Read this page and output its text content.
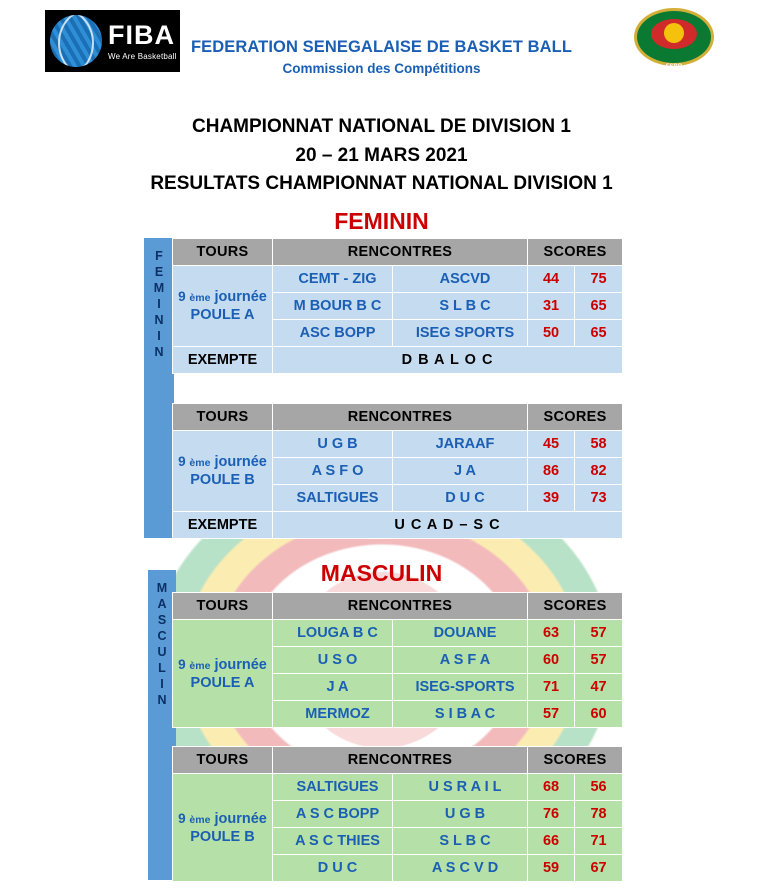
FIBA
We Are Basketball
FSBB
FEDERATION SENEGALAISE DE BASKET BALL
Commission des Compétitions
CHAMPIONNAT NATIONAL DE DIVISION 1
20 – 21 MARS 2021
RESULTATS CHAMPIONNAT NATIONAL DIVISION 1
FEMININ
F
E
M
I
N
I
N
TOURS	RENCONTRES		SCORES	
9 ème journée POULE A	CEMT - ZIG	ASCVD	44	75
	M BOUR B C	S L B C	31	65
	ASC BOPP	ISEG SPORTS	50	65
EXEMPTE	D B A L O C			
TOURS	RENCONTRES		SCORES	
9 ème journée POULE B	U G B	JARAAF	45	58
	A S F O	J A	86	82
	SALTIGUES	D U C	39	73
EXEMPTE	U C A D – S C			
MASCULIN
M
A
S
C
U
L
I
N
TOURS	RENCONTRES		SCORES	
9 ème journée POULE A	LOUGA B C	DOUANE	63	57
	U S O	A S F A	60	57
	J A	ISEG-SPORTS	71	47
	MERMOZ	S I B A C	57	60
TOURS	RENCONTRES		SCORES	
9 ème journée POULE B	SALTIGUES	U S R A I L	68	56
	A S C BOPP	U G B	76	78
	A S C THIES	S L B C	66	71
	D U C	A S C V D	59	67
